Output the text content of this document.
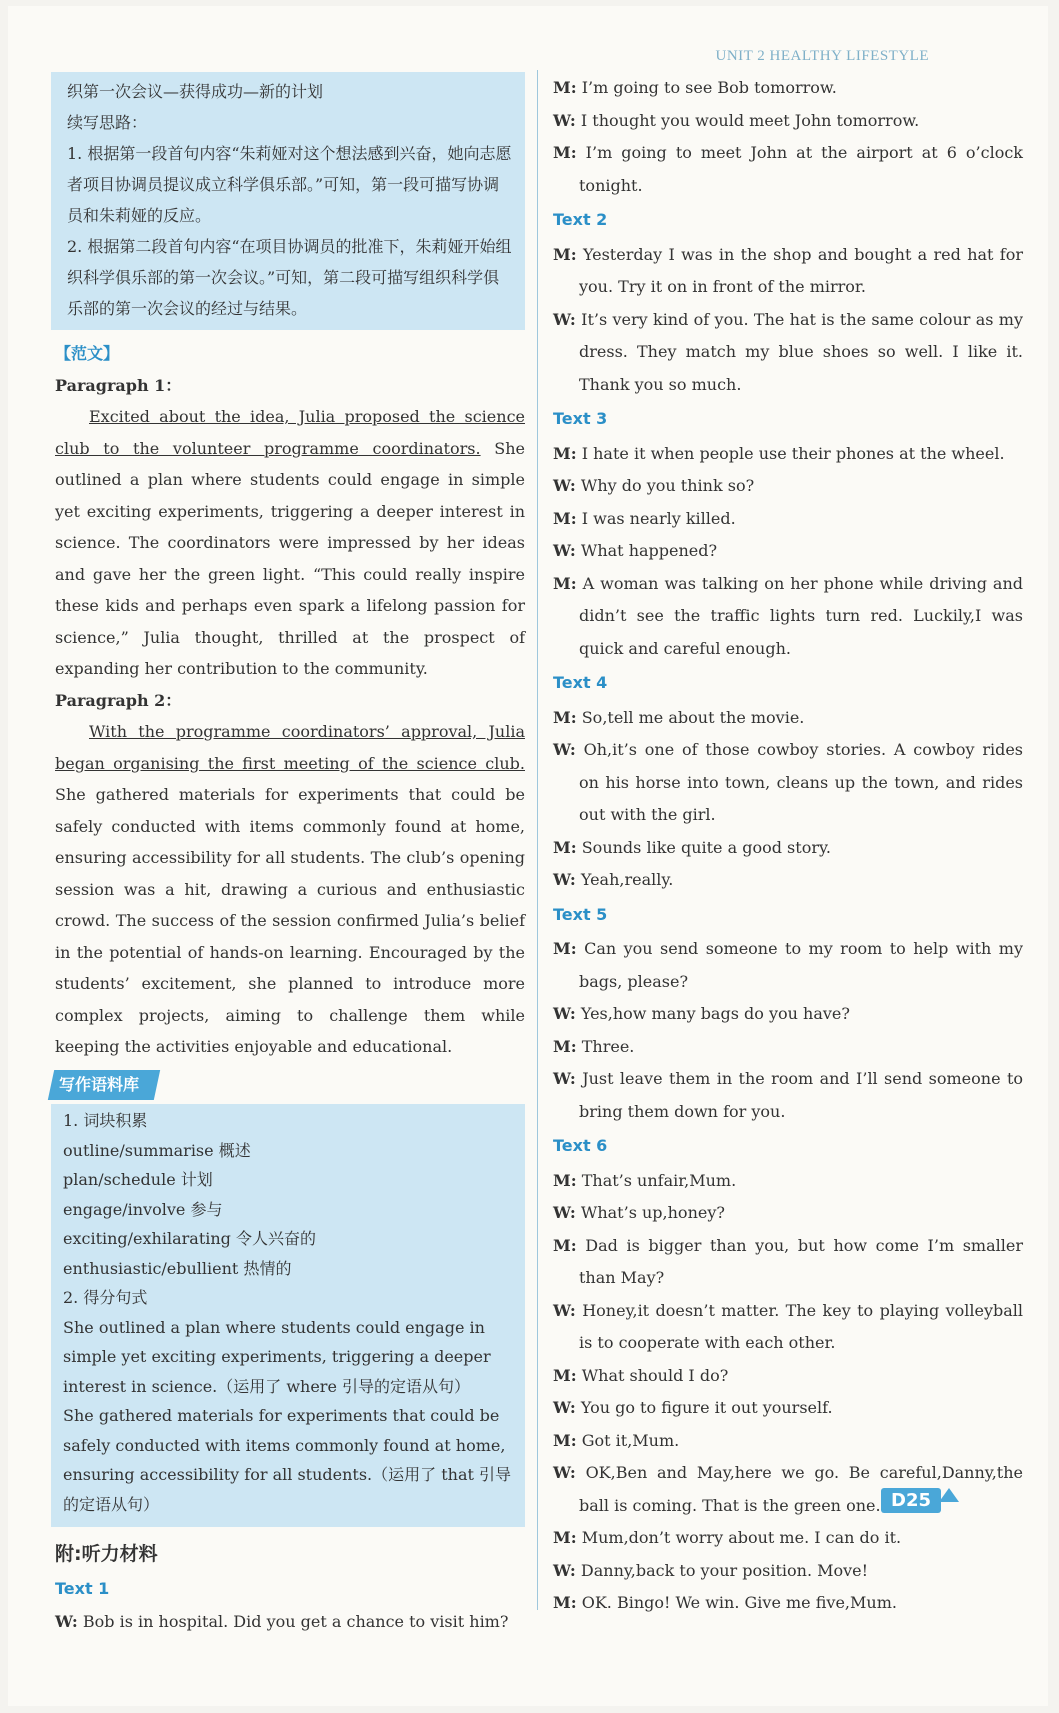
UNIT 2 HEALTHY LIFESTYLE

织第一次会议—获得成功—新的计划

续写思路：

1. 根据第一段首句内容“朱莉娅对这个想法感到兴奋，她向志愿者项目协调员提议成立科学俱乐部。”可知，第一段可描写协调员和朱莉娅的反应。

2. 根据第二段首句内容“在项目协调员的批准下，朱莉娅开始组织科学俱乐部的第一次会议。”可知，第二段可描写组织科学俱乐部的第一次会议的经过与结果。

【范文】
Paragraph 1：

Excited about the idea, Julia proposed the science club to the volunteer programme coordinators. She outlined a plan where students could engage in simple yet exciting experiments, triggering a deeper interest in science. The coordinators were impressed by her ideas and gave her the green light. “This could really inspire these kids and perhaps even spark a lifelong passion for science,” Julia thought, thrilled at the prospect of expanding her contribution to the community.

Paragraph 2：

With the programme coordinators’ approval, Julia began organising the first meeting of the science club. She gathered materials for experiments that could be safely conducted with items commonly found at home, ensuring accessibility for all students. The club’s opening session was a hit, drawing a curious and enthusiastic crowd. The success of the session confirmed Julia’s belief in the potential of hands-on learning. Encouraged by the students’ excitement, she planned to introduce more complex projects, aiming to challenge them while keeping the activities enjoyable and educational.

写作语料库

1. 词块积累

outline/summarise 概述

plan/schedule 计划

engage/involve 参与

exciting/exhilarating 令人兴奋的

enthusiastic/ebullient 热情的

2. 得分句式

She outlined a plan where students could engage in simple yet exciting experiments, triggering a deeper interest in science.（运用了 where 引导的定语从句）

She gathered materials for experiments that could be safely conducted with items commonly found at home, ensuring accessibility for all students.（运用了 that 引导的定语从句）

附:听力材料
Text 1

W: Bob is in hospital. Did you get a chance to visit him?

M: I’m going to see Bob tomorrow.

W: I thought you would meet John tomorrow.

M: I’m going to meet John at the airport at 6 o’clock tonight.

Text 2

M: Yesterday I was in the shop and bought a red hat for you. Try it on in front of the mirror.

W: It’s very kind of you. The hat is the same colour as my dress. They match my blue shoes so well. I like it. Thank you so much.

Text 3

M: I hate it when people use their phones at the wheel.

W: Why do you think so?

M: I was nearly killed.

W: What happened?

M: A woman was talking on her phone while driving and didn’t see the traffic lights turn red. Luckily,I was quick and careful enough.

Text 4

M: So,tell me about the movie.

W: Oh,it’s one of those cowboy stories. A cowboy rides on his horse into town, cleans up the town, and rides out with the girl.

M: Sounds like quite a good story.

W: Yeah,really.

Text 5

M: Can you send someone to my room to help with my bags, please?

W: Yes,how many bags do you have?

M: Three.

W: Just leave them in the room and I’ll send someone to bring them down for you.

Text 6

M: That’s unfair,Mum.

W: What’s up,honey?

M: Dad is bigger than you, but how come I’m smaller than May?

W: Honey,it doesn’t matter. The key to playing volleyball is to cooperate with each other.

M: What should I do?

W: You go to figure it out yourself.

M: Got it,Mum.

W: OK,Ben and May,here we go. Be careful,Danny,the ball is coming. That is the green one.

M: Mum,don’t worry about me. I can do it.

W: Danny,back to your position. Move!

M: OK. Bingo! We win. Give me five,Mum.

D25
